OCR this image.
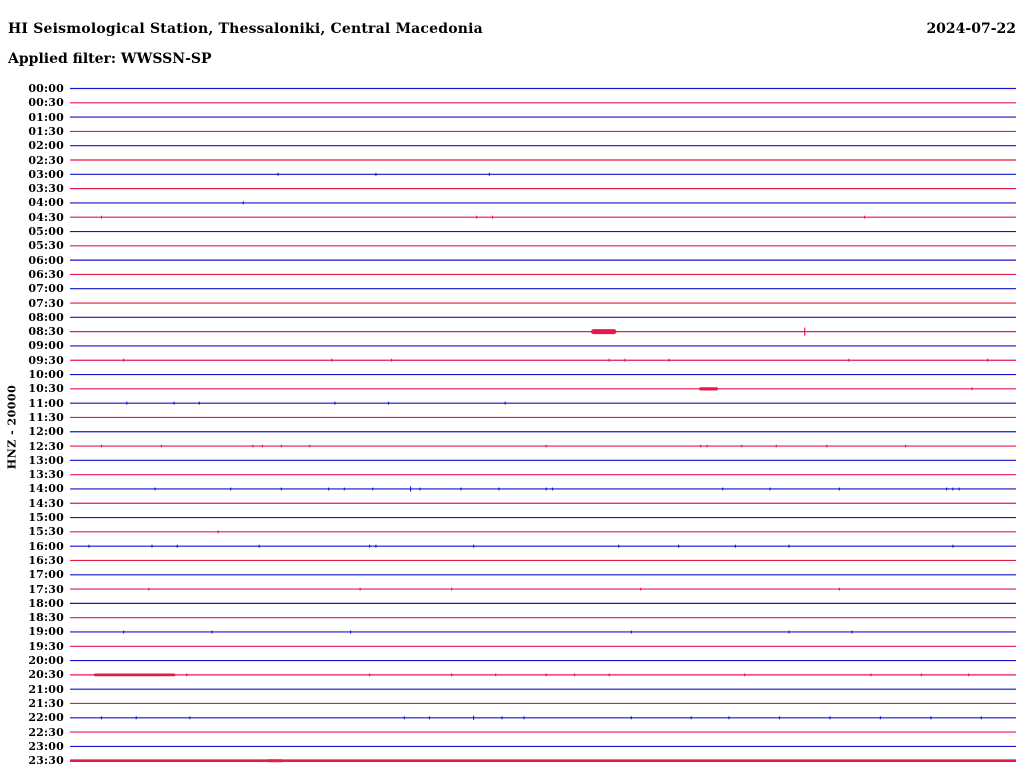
HI Seismological Station, Thessaloniki, Central Macedonia	2024-07-22
Applied filter: WWSSN-SP
HNZ - 20000
00:00
00:30
01:00
01:30
02:00
02:30
03:00
03:30
04:00
04:30
05:00
05:30
06:00
06:30
07:00
07:30
08:00
08:30
09:00
09:30
10:00
10:30
11:00
11:30
12:00
12:30
13:00
13:30
14:00
14:30
15:00
15:30
16:00
16:30
17:00
17:30
18:00
18:30
19:00
19:30
20:00
20:30
21:00
21:30
22:00
22:30
23:00
23:30
